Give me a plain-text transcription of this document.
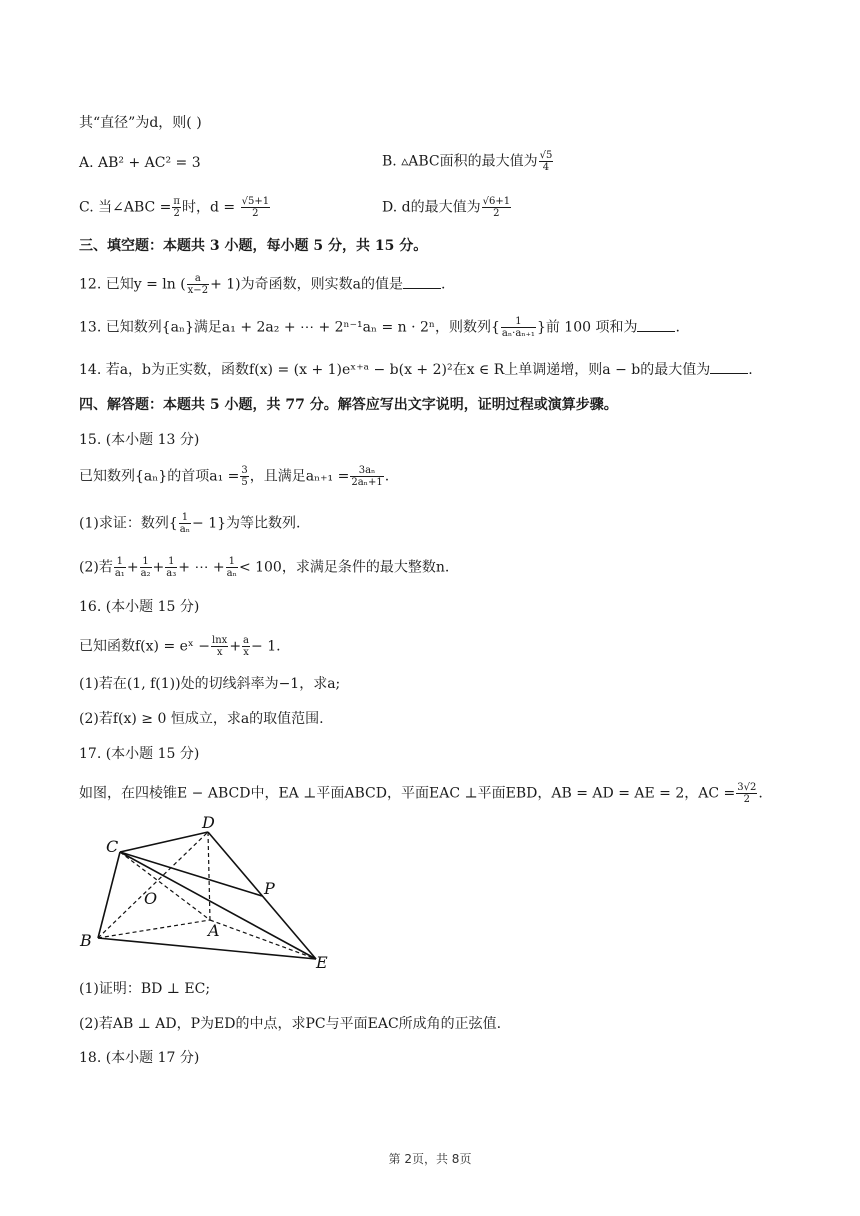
其“直径”为d，则( )
A. AB² + AC² = 3	B. ▵ABC面积的最大值为 $\frac{√5}{4}$
C. 当∠ABC = $\frac{\pi}{2}$ 时，$d = \frac{√5+1}{2}$	D. d的最大值为 $\frac{√6+1}{2}$
三、填空题：本题共 3 小题，每小题 5 分，共 15 分。
12. 已知y = ln ( $\frac{a}{x-2} + 1$)为奇函数，则实数a的值是	.
13. 已知数列{aₙ}满足a₁ + 2a₂ + ⋯ + 2ⁿ⁻¹aₙ = n · 2ⁿ，则数列{ $\frac{1}{\text{aₙ·aₙ₊₁}}$ }前 100 项和为	.
14. 若a，b为正实数，函数f(x) = (x + 1)eˣ⁺ᵃ − b(x + 2)²在x ∈ R上单调递增，则a − b的最大值为	.
四、解答题：本题共 5 小题，共 77 分。解答应写出文字说明，证明过程或演算步骤。
15. (本小题 13 分)
已知数列{aₙ}的首项$a_1 = \frac{3}{5}$ ，且满足$a_{n+1} = \frac{\text{3aₙ}}{\text{2aₙ+1}}$ .
(1)求证：数列{ $\frac{1}{\text{aₙ}} - 1$}为等比数列.
(2)若 $\frac{1}{\text{a₁}} + \frac{1}{\text{a₂}} + \frac{1}{\text{a₃}}$ + ⋯ + $\frac{1}{\text{aₙ}} < 100$，求满足条件的最大整数n.
16. (本小题 15 分)
已知函数f(x) = eˣ − $\frac{\ln x}{x} + \frac{a}{x} - 1$.
(1)若在(1, f(1))处的切线斜率为−1，求a;
(2)若f(x) ≥ 0 恒成立，求a的取值范围.
17. (本小题 15 分)
如图，在四棱锥E − ABCD中，EA ⊥平面ABCD，平面EAC ⊥平面EBD，AB = AD = AE = 2，AC = $\frac{3√2}{2}$ .
C
D
P
O
A
B
E
(1)证明：BD ⊥ EC;
(2)若AB ⊥ AD，P为ED的中点，求PC与平面EAC所成角的正弦值.
18. (本小题 17 分)
第 2页，共 8页
